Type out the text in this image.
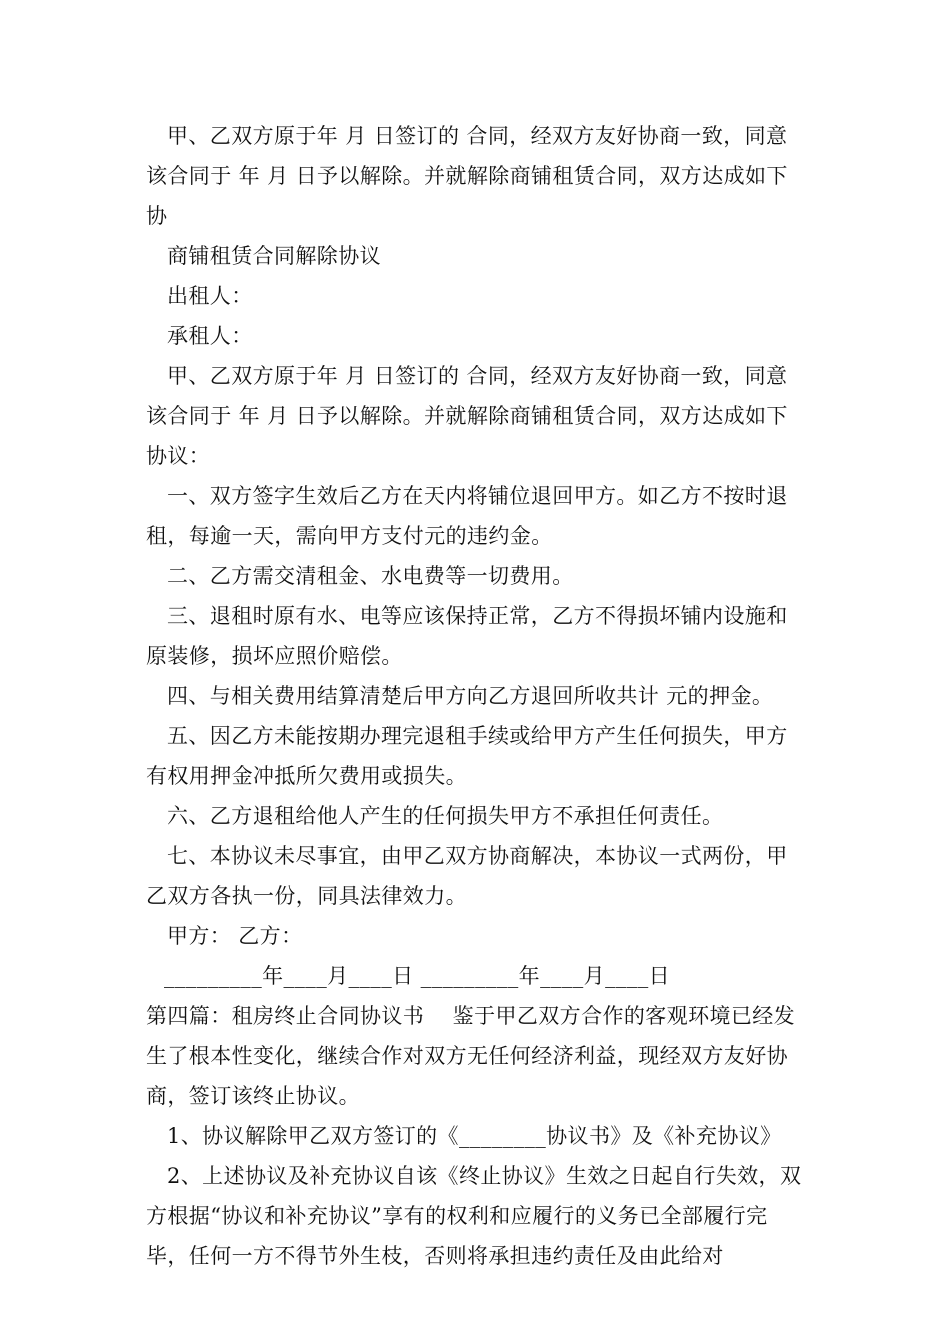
甲、乙双方原于年 月 日签订的 合同，经双方友好协商一致，同意该合同于 年 月 日予以解除。并就解除商铺租赁合同，双方达成如下协

商铺租赁合同解除协议

出租人：

承租人：

甲、乙双方原于年 月 日签订的 合同，经双方友好协商一致，同意该合同于 年 月 日予以解除。并就解除商铺租赁合同，双方达成如下协议：

一、双方签字生效后乙方在天内将铺位退回甲方。如乙方不按时退租，每逾一天，需向甲方支付元的违约金。

二、乙方需交清租金、水电费等一切费用。

三、退租时原有水、电等应该保持正常，乙方不得损坏铺内设施和原装修，损坏应照价赔偿。

四、与相关费用结算清楚后甲方向乙方退回所收共计 元的押金。

五、因乙方未能按期办理完退租手续或给甲方产生任何损失，甲方有权用押金冲抵所欠费用或损失。

六、乙方退租给他人产生的任何损失甲方不承担任何责任。

七、本协议未尽事宜，由甲乙双方协商解决，本协议一式两份，甲乙双方各执一份，同具法律效力。

甲方： 乙方：

_________年____月____日 _________年____月____日

第四篇：租房终止合同协议书　 鉴于甲乙双方合作的客观环境已经发生了根本性变化，继续合作对双方无任何经济利益，现经双方友好协商，签订该终止协议。

1、协议解除甲乙双方签订的《________协议书》及《补充协议》

2、上述协议及补充协议自该《终止协议》生效之日起自行失效，双方根据“协议和补充协议”享有的权利和应履行的义务已全部履行完毕，任何一方不得节外生枝，否则将承担违约责任及由此给对
